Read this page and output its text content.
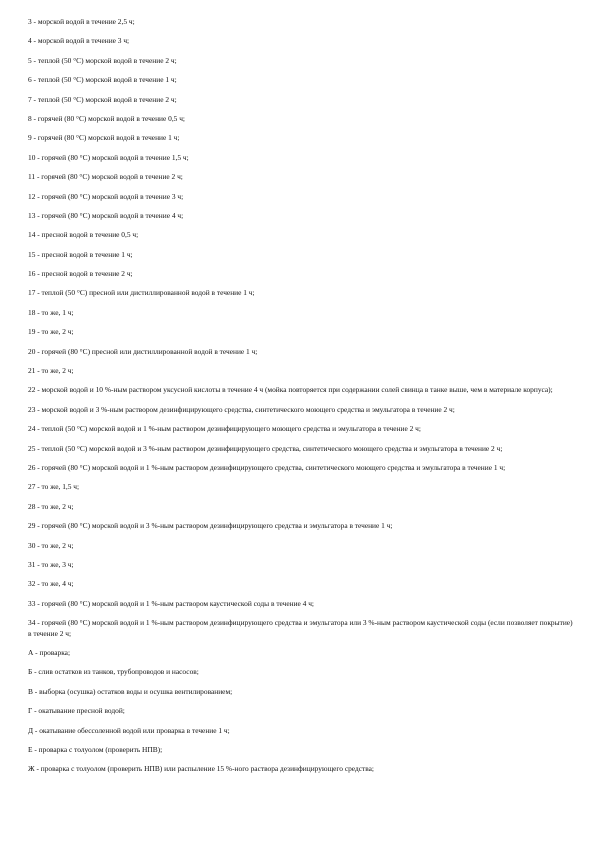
3 - морской водой в течение 2,5 ч;
4 - морской водой в течение 3 ч;
5 - теплой (50 °С) морской водой в течение 2 ч;
6 - теплой (50 °С) морской водой в течение 1 ч;
7 - теплой (50 °С) морской водой в течение 2 ч;
8 - горячей (80 °С) морской водой в течение 0,5 ч;
9 - горячей (80 °С) морской водой в течение 1 ч;
10 - горячей (80 °С) морской водой в течение 1,5 ч;
11 - горячей (80 °С) морской водой в течение 2 ч;
12 - горячей (80 °С) морской водой в течение 3 ч;
13 - горячей (80 °С) морской водой в течение 4 ч;
14 - пресной водой в течение 0,5 ч;
15 - пресной водой в течение 1 ч;
16 - пресной водой в течение 2 ч;
17 - теплой (50 °С) пресной или дистиллированной водой в течение 1 ч;
18 - то же, 1 ч;
19 - то же, 2 ч;
20 - горячей (80 °С) пресной или дистиллированной водой в течение 1 ч;
21 - то же, 2 ч;
22 - морской водой и 10 %-ным раствором уксусной кислоты в течение 4 ч (мойка повторяется при содержании солей свинца в танке выше, чем в материале корпуса);
23 - морской водой и 3 %-ным раствором дезинфицирующего средства, синтетического моющего средства и эмульгатора в течение 2 ч;
24 - теплой (50 °С) морской водой и 1 %-ным раствором дезинфицирующего моющего средства и эмульгатора в течение 2 ч;
25 - теплой (50 °С) морской водой и 3 %-ным раствором дезинфицирующего средства, синтетического моющего средства и эмульгатора в течение 2 ч;
26 - горячей (80 °С) морской водой и 1 %-ным раствором дезинфицирующего средства, синтетического моющего средства и эмульгатора в течение 1 ч;
27 - то же, 1,5 ч;
28 - то же, 2 ч;
29 - горячей (80 °С) морской водой и 3 %-ным раствором дезинфицирующего средства и эмульгатора в течение 1 ч;
30 - то же, 2 ч;
31 - то же, 3 ч;
32 - то же, 4 ч;
33 - горячей (80 °С) морской водой и 1 %-ным раствором каустической соды в течение 4 ч;
34 - горячей (80 °С) морской водой и 1 %-ным раствором дезинфицирующего средства и эмульгатора или 3 %-ным раствором каустической соды (если позволяет покрытие) в течение 2 ч;
А - проварка;
Б - слив остатков из танков, трубопроводов и насосов;
В - выборка (осушка) остатков воды и осушка вентилированием;
Г - окатывание пресной водой;
Д - окатывание обессоленной водой или проварка в течение 1 ч;
Е - проварка с толуолом (проверить НПВ);
Ж - проварка с толуолом (проверить НПВ) или распыление 15 %-ного раствора дезинфицирующего средства;
